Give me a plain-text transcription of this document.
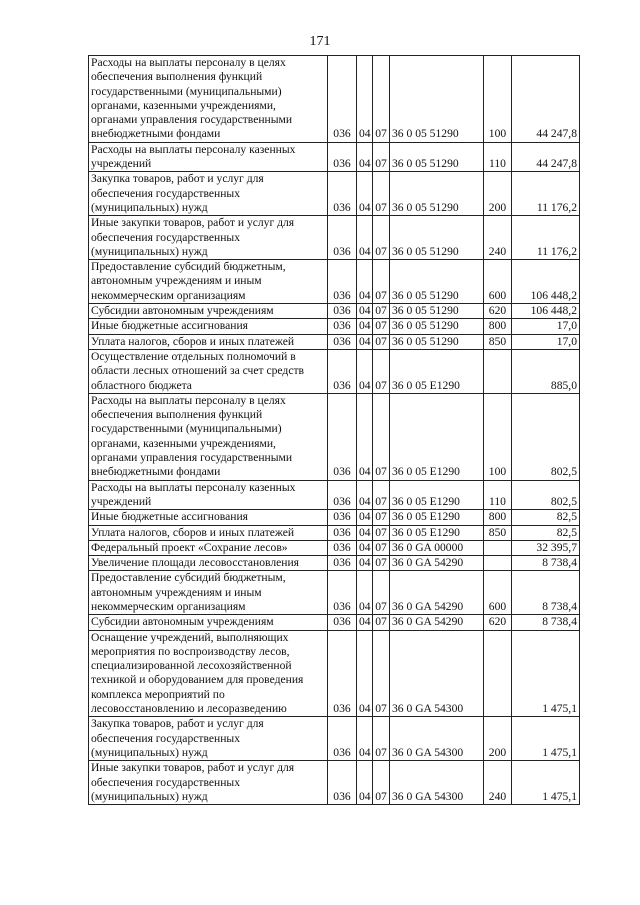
171
Расходы на выплаты персоналу в целях обеспечения выполнения функций государственными (муниципальными) органами, казенными учреждениями, органами управления государственными внебюджетными фондами	036	04	07	36 0 05 51290	100	44 247,8
Расходы на выплаты персоналу казенных учреждений	036	04	07	36 0 05 51290	110	44 247,8
Закупка товаров, работ и услуг для обеспечения государственных (муниципальных) нужд	036	04	07	36 0 05 51290	200	11 176,2
Иные закупки товаров, работ и услуг для обеспечения государственных (муниципальных) нужд	036	04	07	36 0 05 51290	240	11 176,2
Предоставление субсидий бюджетным, автономным учреждениям и иным некоммерческим организациям	036	04	07	36 0 05 51290	600	106 448,2
Субсидии автономным учреждениям	036	04	07	36 0 05 51290	620	106 448,2
Иные бюджетные ассигнования	036	04	07	36 0 05 51290	800	17,0
Уплата налогов, сборов и иных платежей	036	04	07	36 0 05 51290	850	17,0
Осуществление отдельных полномочий в области лесных отношений за счет средств областного бюджета	036	04	07	36 0 05 E1290		885,0
Расходы на выплаты персоналу в целях обеспечения выполнения функций государственными (муниципальными) органами, казенными учреждениями, органами управления государственными внебюджетными фондами	036	04	07	36 0 05 E1290	100	802,5
Расходы на выплаты персоналу казенных учреждений	036	04	07	36 0 05 E1290	110	802,5
Иные бюджетные ассигнования	036	04	07	36 0 05 E1290	800	82,5
Уплата налогов, сборов и иных платежей	036	04	07	36 0 05 E1290	850	82,5
Федеральный проект «Сохрание лесов»	036	04	07	36 0 GA 00000		32 395,7
Увеличение площади лесовосстановления	036	04	07	36 0 GA 54290		8 738,4
Предоставление субсидий бюджетным, автономным учреждениям и иным некоммерческим организациям	036	04	07	36 0 GA 54290	600	8 738,4
Субсидии автономным учреждениям	036	04	07	36 0 GA 54290	620	8 738,4
Оснащение учреждений, выполняющих мероприятия по воспроизводству лесов, специализированной лесохозяйственной техникой и оборудованием для проведения комплекса мероприятий по лесовосстановлению и лесоразведению	036	04	07	36 0 GA 54300		1 475,1
Закупка товаров, работ и услуг для обеспечения государственных (муниципальных) нужд	036	04	07	36 0 GA 54300	200	1 475,1
Иные закупки товаров, работ и услуг для обеспечения государственных (муниципальных) нужд	036	04	07	36 0 GA 54300	240	1 475,1
